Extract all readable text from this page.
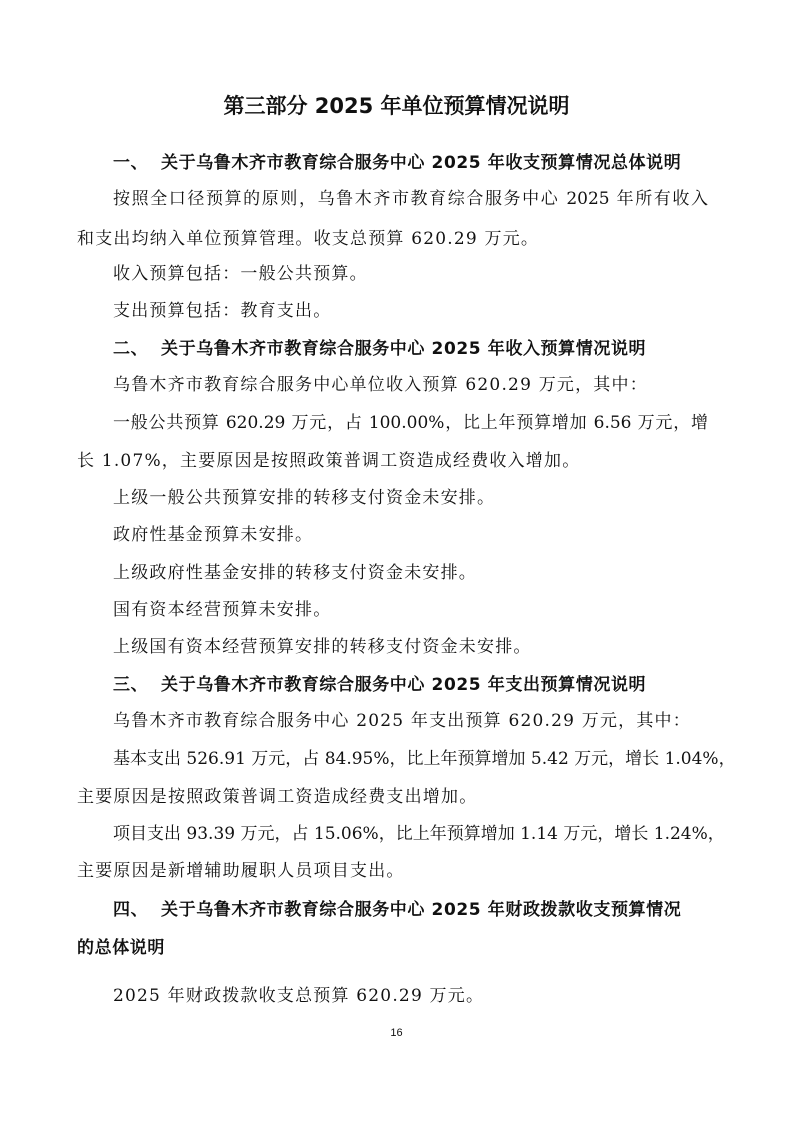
第三部分 2025 年单位预算情况说明

一、 关于乌鲁木齐市教育综合服务中心 2025 年收支预算情况总体说明

按照全口径预算的原则，乌鲁木齐市教育综合服务中心 2025 年所有收入

和支出均纳入单位预算管理。收支总预算 620.29 万元。

收入预算包括：一般公共预算。

支出预算包括：教育支出。

二、 关于乌鲁木齐市教育综合服务中心 2025 年收入预算情况说明

乌鲁木齐市教育综合服务中心单位收入预算 620.29 万元，其中：

一般公共预算 620.29 万元，占 100.00%，比上年预算增加 6.56 万元，增

长 1.07%，主要原因是按照政策普调工资造成经费收入增加。

上级一般公共预算安排的转移支付资金未安排。

政府性基金预算未安排。

上级政府性基金安排的转移支付资金未安排。

国有资本经营预算未安排。

上级国有资本经营预算安排的转移支付资金未安排。

三、 关于乌鲁木齐市教育综合服务中心 2025 年支出预算情况说明

乌鲁木齐市教育综合服务中心 2025 年支出预算 620.29 万元，其中：

基本支出 526.91 万元，占 84.95%，比上年预算增加 5.42 万元，增长 1.04%，

主要原因是按照政策普调工资造成经费支出增加。

项目支出 93.39 万元，占 15.06%，比上年预算增加 1.14 万元，增长 1.24%，

主要原因是新增辅助履职人员项目支出。

四、 关于乌鲁木齐市教育综合服务中心 2025 年财政拨款收支预算情况

的总体说明

2025 年财政拨款收支总预算 620.29 万元。

16
